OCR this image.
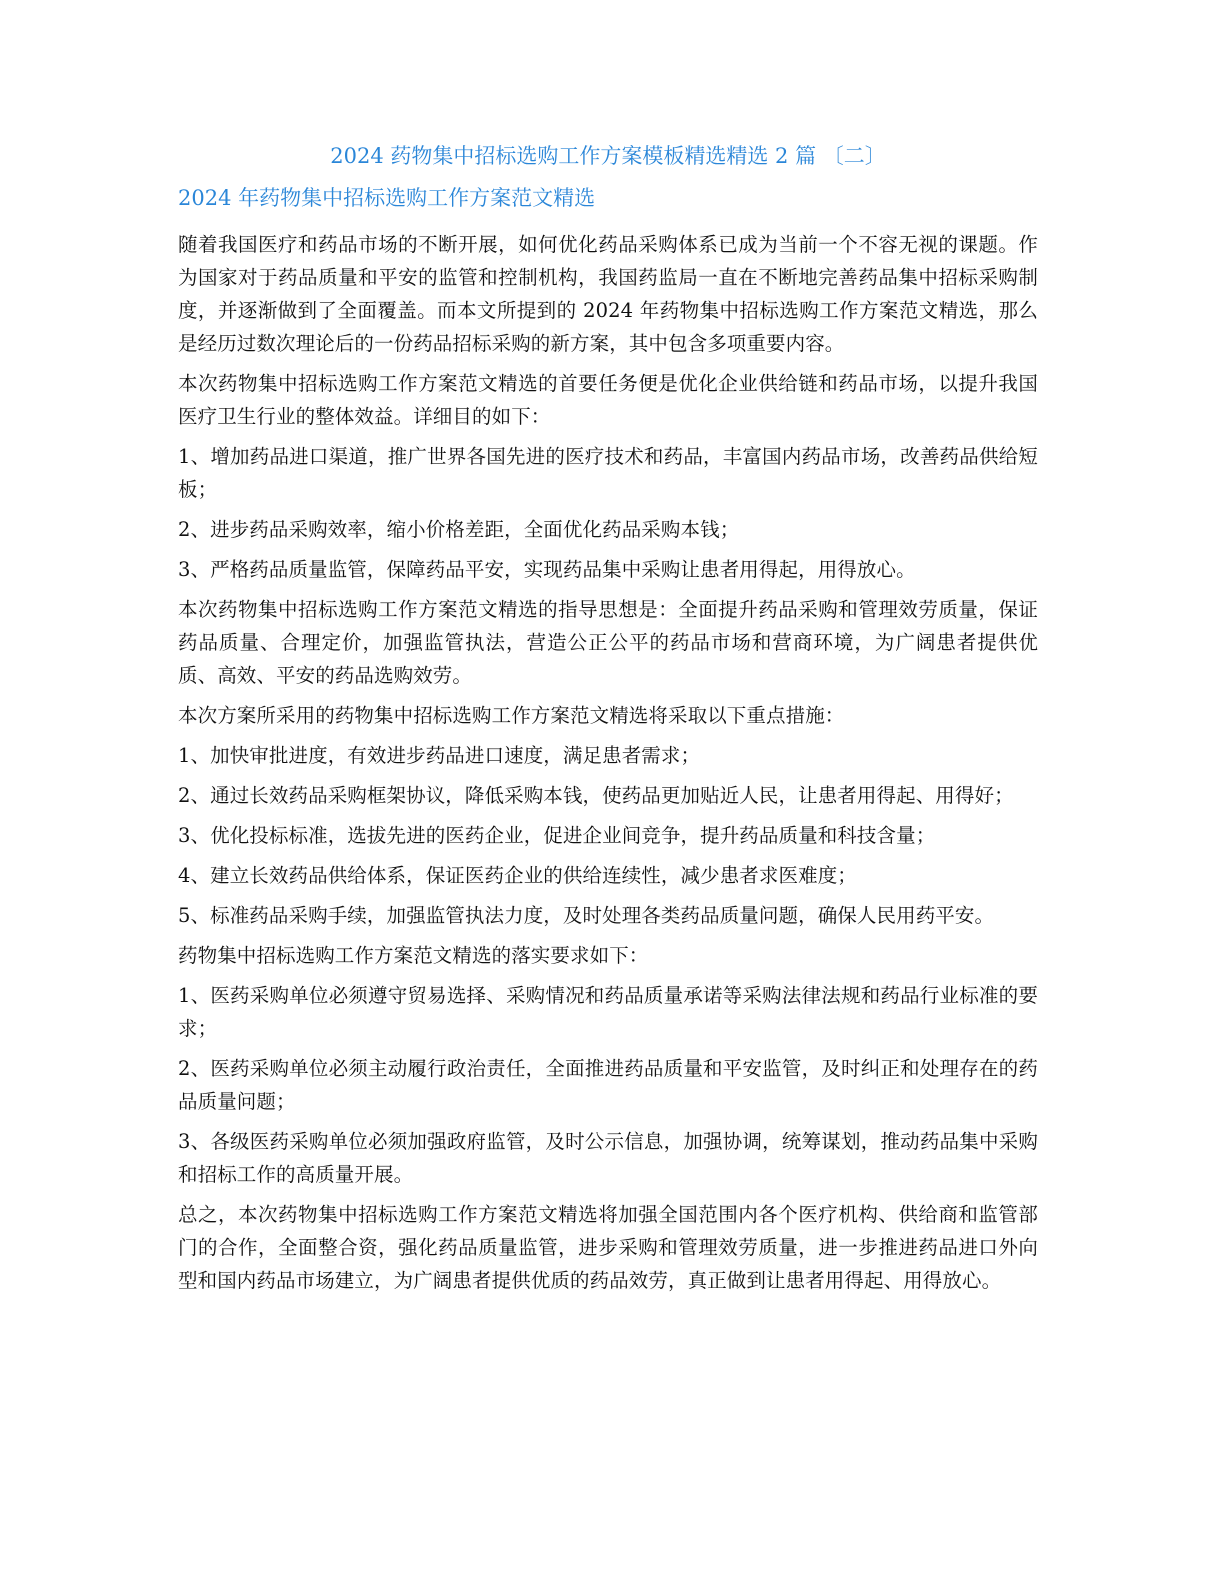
2024 药物集中招标选购工作方案模板精选精选 2 篇 〔二〕
2024 年药物集中招标选购工作方案范文精选
随着我国医疗和药品市场的不断开展，如何优化药品采购体系已成为当前一个不容无视的课题。作为国家对于药品质量和平安的监管和控制机构，我国药监局一直在不断地完善药品集中招标采购制度，并逐渐做到了全面覆盖。而本文所提到的 2024 年药物集中招标选购工作方案范文精选，那么是经历过数次理论后的一份药品招标采购的新方案，其中包含多项重要内容。
本次药物集中招标选购工作方案范文精选的首要任务便是优化企业供给链和药品市场，以提升我国医疗卫生行业的整体效益。详细目的如下：
1、增加药品进口渠道，推广世界各国先进的医疗技术和药品，丰富国内药品市场，改善药品供给短板；
2、进步药品采购效率，缩小价格差距，全面优化药品采购本钱；
3、严格药品质量监管，保障药品平安，实现药品集中采购让患者用得起，用得放心。
本次药物集中招标选购工作方案范文精选的指导思想是：全面提升药品采购和管理效劳质量，保证药品质量、合理定价，加强监管执法，营造公正公平的药品市场和营商环境，为广阔患者提供优质、高效、平安的药品选购效劳。
本次方案所采用的药物集中招标选购工作方案范文精选将采取以下重点措施：
1、加快审批进度，有效进步药品进口速度，满足患者需求；
2、通过长效药品采购框架协议，降低采购本钱，使药品更加贴近人民，让患者用得起、用得好；
3、优化投标标准，选拔先进的医药企业，促进企业间竞争，提升药品质量和科技含量；
4、建立长效药品供给体系，保证医药企业的供给连续性，减少患者求医难度；
5、标准药品采购手续，加强监管执法力度，及时处理各类药品质量问题，确保人民用药平安。
药物集中招标选购工作方案范文精选的落实要求如下：
1、医药采购单位必须遵守贸易选择、采购情况和药品质量承诺等采购法律法规和药品行业标准的要求；
2、医药采购单位必须主动履行政治责任，全面推进药品质量和平安监管，及时纠正和处理存在的药品质量问题；
3、各级医药采购单位必须加强政府监管，及时公示信息，加强协调，统筹谋划，推动药品集中采购和招标工作的高质量开展。
总之，本次药物集中招标选购工作方案范文精选将加强全国范围内各个医疗机构、供给商和监管部门的合作，全面整合资，强化药品质量监管，进步采购和管理效劳质量，进一步推进药品进口外向型和国内药品市场建立，为广阔患者提供优质的药品效劳，真正做到让患者用得起、用得放心。
